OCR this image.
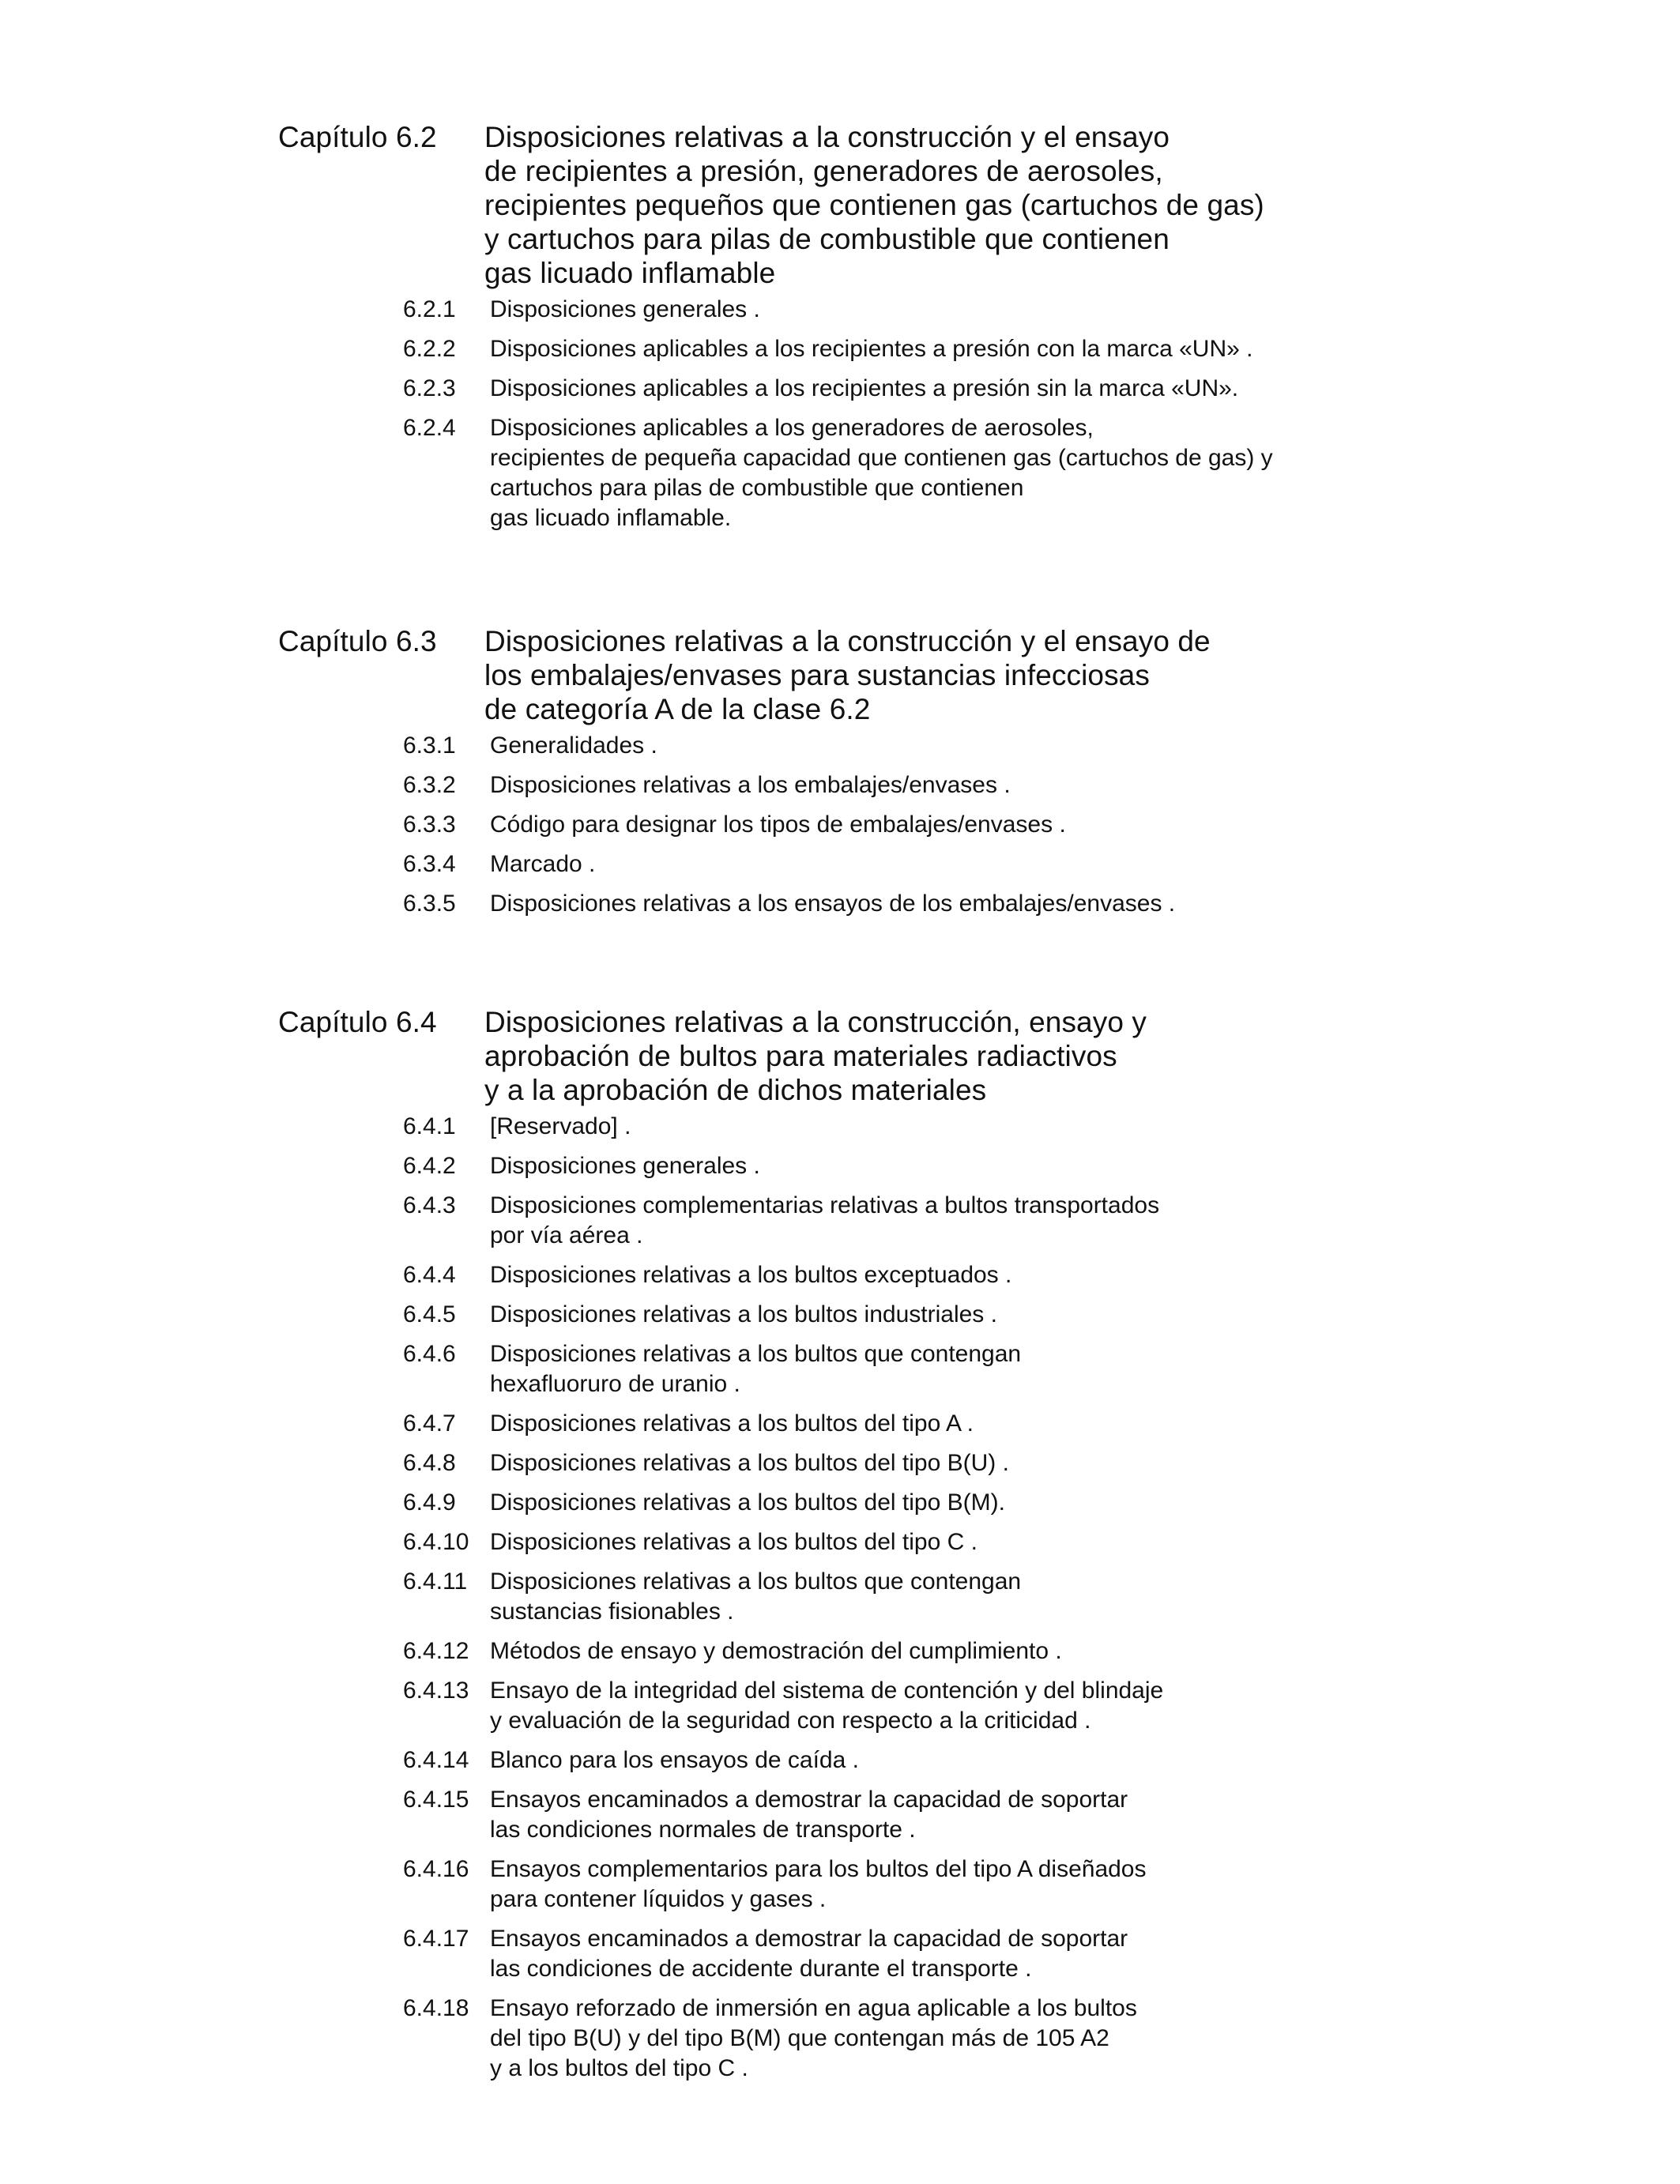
Capítulo 6.2 Disposiciones relativas a la construcción y el ensayo
de recipientes a presión, generadores de aerosoles,
recipientes pequeños que contienen gas (cartuchos de gas)
y cartuchos para pilas de combustible que contienen
gas licuado inflamable
6.2.1 Disposiciones generales .
6.2.2 Disposiciones aplicables a los recipientes a presión con la marca «UN» .
6.2.3 Disposiciones aplicables a los recipientes a presión sin la marca «UN».
6.2.4 Disposiciones aplicables a los generadores de aerosoles,
recipientes de pequeña capacidad que contienen gas (cartuchos de gas) y
cartuchos para pilas de combustible que contienen
gas licuado inflamable.
Capítulo 6.3 Disposiciones relativas a la construcción y el ensayo de
los embalajes/envases para sustancias infecciosas
de categoría A de la clase 6.2
6.3.1 Generalidades .
6.3.2 Disposiciones relativas a los embalajes/envases .
6.3.3 Código para designar los tipos de embalajes/envases .
6.3.4 Marcado .
6.3.5 Disposiciones relativas a los ensayos de los embalajes/envases .
Capítulo 6.4 Disposiciones relativas a la construcción, ensayo y
aprobación de bultos para materiales radiactivos
y a la aprobación de dichos materiales
6.4.1 [Reservado] .
6.4.2 Disposiciones generales .
6.4.3 Disposiciones complementarias relativas a bultos transportados
por vía aérea .
6.4.4 Disposiciones relativas a los bultos exceptuados .
6.4.5 Disposiciones relativas a los bultos industriales .
6.4.6 Disposiciones relativas a los bultos que contengan
hexafluoruro de uranio .
6.4.7 Disposiciones relativas a los bultos del tipo A .
6.4.8 Disposiciones relativas a los bultos del tipo B(U) .
6.4.9 Disposiciones relativas a los bultos del tipo B(M).
6.4.10 Disposiciones relativas a los bultos del tipo C .
6.4.11 Disposiciones relativas a los bultos que contengan
sustancias fisionables .
6.4.12 Métodos de ensayo y demostración del cumplimiento .
6.4.13 Ensayo de la integridad del sistema de contención y del blindaje
y evaluación de la seguridad con respecto a la criticidad .
6.4.14 Blanco para los ensayos de caída .
6.4.15 Ensayos encaminados a demostrar la capacidad de soportar
las condiciones normales de transporte .
6.4.16 Ensayos complementarios para los bultos del tipo A diseñados
para contener líquidos y gases .
6.4.17 Ensayos encaminados a demostrar la capacidad de soportar
las condiciones de accidente durante el transporte .
6.4.18 Ensayo reforzado de inmersión en agua aplicable a los bultos
del tipo B(U) y del tipo B(M) que contengan más de 105 A2
y a los bultos del tipo C .
